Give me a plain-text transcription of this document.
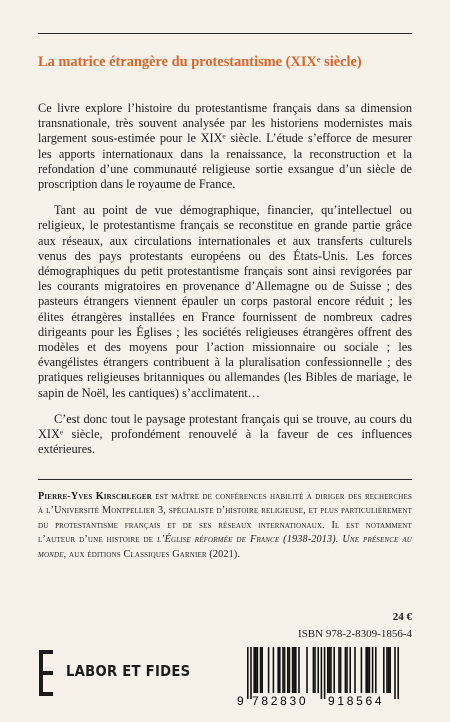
La matrice étrangère du protestantisme (XIXᵉ siècle)

Ce livre explore l’histoire du protestantisme français dans sa dimension transnationale, très souvent analysée par les historiens modernistes mais largement sous-estimée pour le XIXᵉ siècle. L’étude s’efforce de mesurer les apports internationaux dans la renaissance, la reconstruction et la refondation d’une communauté religieuse sortie exsangue d’un siècle de proscription dans le royaume de France.

Tant au point de vue démographique, financier, qu’intellectuel ou religieux, le protestantisme français se reconstitue en grande partie grâce aux réseaux, aux circulations internationales et aux transferts culturels venus des pays protestants européens ou des États-Unis. Les forces démographiques du petit protestantisme français sont ainsi revigorées par les courants migratoires en provenance d’Allemagne ou de Suisse ; des pasteurs étrangers viennent épauler un corps pastoral encore réduit ; les élites étrangères installées en France fournissent de nombreux cadres dirigeants pour les Églises ; les sociétés religieuses étrangères offrent des modèles et des moyens pour l’action missionnaire ou sociale ; les évangélistes étrangers contribuent à la pluralisation confessionnelle ; des pratiques religieuses britanniques ou allemandes (les Bibles de mariage, le sapin de Noël, les cantiques) s’acclimatent…

C’est donc tout le paysage protestant français qui se trouve, au cours du XIXᵉ siècle, profondément renouvelé à la faveur de ces influences extérieures.

Pierre-Yves Kirschleger est maître de conférences habilité à diriger des recherches à l’Université Montpellier 3, spécialiste d’histoire religieuse, et plus particulièrement du protestantisme français et de ses réseaux internationaux. Il est notamment l’auteur d’une histoire de l’Église réformée de France (1938-2013). Une présence au monde, aux éditions Classiques Garnier (2021).
24 €
ISBN 978-2-8309-1856-4
LABOR ET FIDES
9 782830 918564
